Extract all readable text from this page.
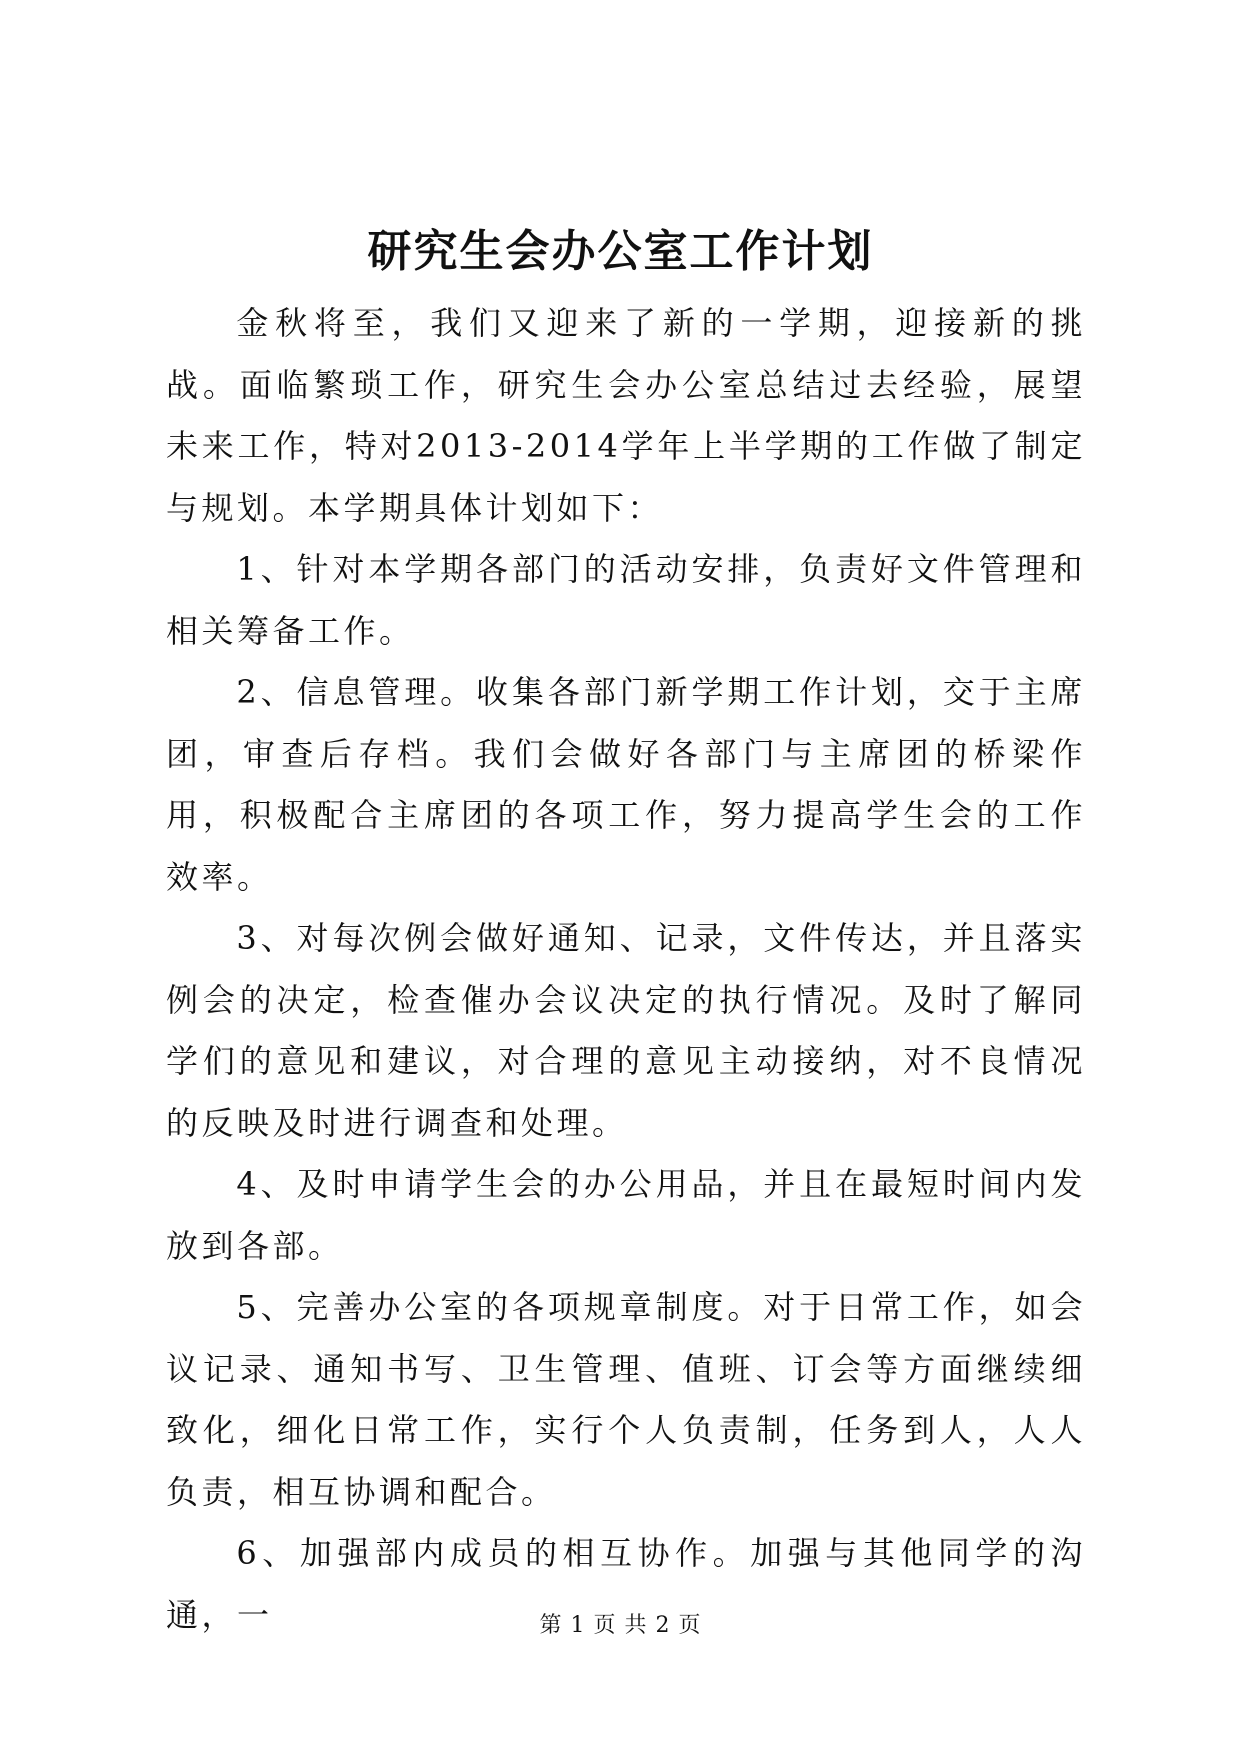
研究生会办公室工作计划

金秋将至，我们又迎来了新的一学期，迎接新的挑战。面临繁琐工作，研究生会办公室总结过去经验，展望未来工作，特对2013-2014学年上半学期的工作做了制定与规划。本学期具体计划如下：

1、针对本学期各部门的活动安排，负责好文件管理和相关筹备工作。

2、信息管理。收集各部门新学期工作计划，交于主席团，审查后存档。我们会做好各部门与主席团的桥梁作用，积极配合主席团的各项工作，努力提高学生会的工作效率。

3、对每次例会做好通知、记录，文件传达，并且落实例会的决定，检查催办会议决定的执行情况。及时了解同学们的意见和建议，对合理的意见主动接纳，对不良情况的反映及时进行调查和处理。

4、及时申请学生会的办公用品，并且在最短时间内发放到各部。

5、完善办公室的各项规章制度。对于日常工作，如会议记录、通知书写、卫生管理、值班、订会等方面继续细致化，细化日常工作，实行个人负责制，任务到人，人人负责，相互协调和配合。

6、加强部内成员的相互协作。加强与其他同学的沟通，一	第 1 页 共 2 页
